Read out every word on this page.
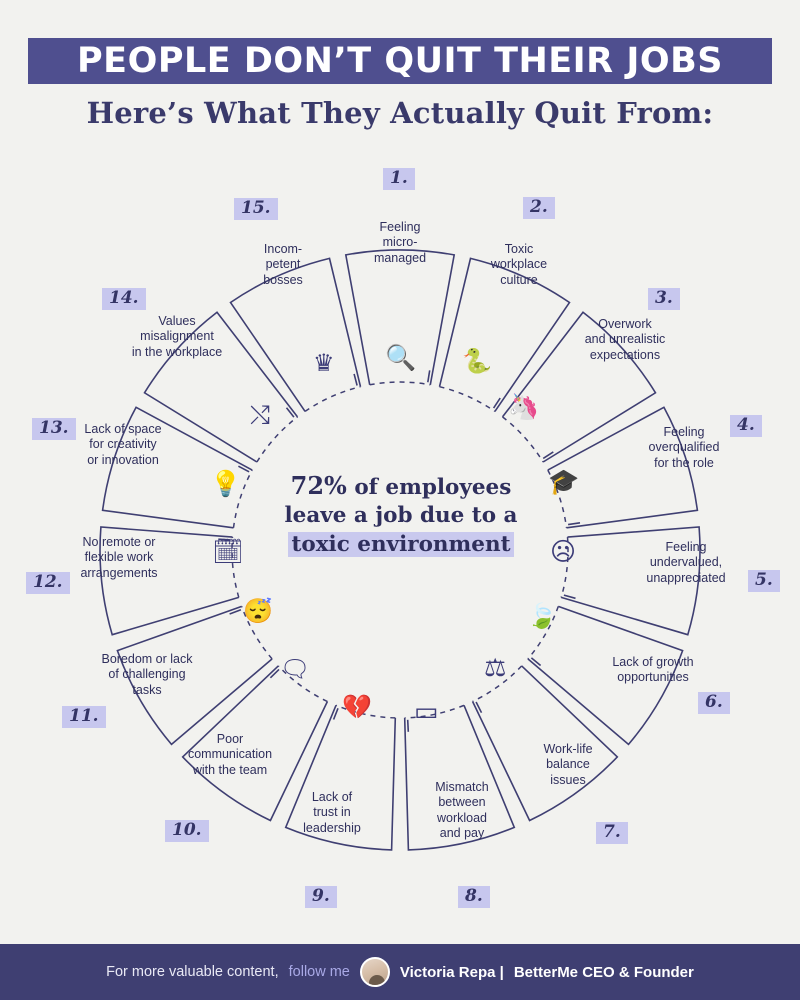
PEOPLE DON’T QUIT THEIR JOBS
Here’s What They Actually Quit From:
1.
2.
3.
4.
5.
6.
7.
8.
9.
10.
11.
12.
13.
14.
15.
Feeling
micro-
managed
Toxic
workplace
culture
Overwork
and unrealistic
expectations
Feeling
overqualified
for the role
Feeling
undervalued,
unappreciated
Lack of growth
opportunities
Work-life
balance
issues
Mismatch
between
workload
and pay
Lack of
trust in
leadership
Poor
communication
with the team
Boredom or lack
of challenging
tasks
No remote or
flexible work
arrangements
Lack of space
for creativity
or innovation
Values
misalignment
in the workplace
Incom-
petent
bosses
♛ 🔍 🐍
⤭	🦄
💡	🎓
🗓	☹
😴	🍃
🗨	⚖
💔 ▭
72% of employees
leave a job due to a
toxic environment
For more valuable content, follow me	Victoria Repa | BetterMe CEO & Founder
